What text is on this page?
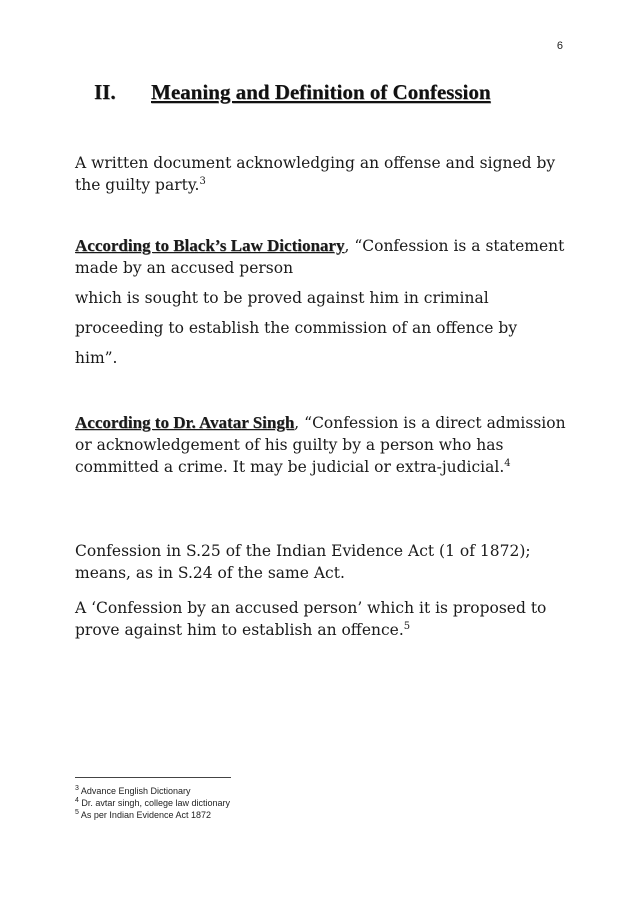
6
II. Meaning and Definition of Confession

A written document acknowledging an offense and signed by the guilty party.$^3$

According to Black’s Law Dictionary, “Confession is a statement made by an accused person

which is sought to be proved against him in criminal

proceeding to establish the commission of an offence by

him”.

According to Dr. Avatar Singh, “Confession is a direct admission or acknowledgement of his guilty by a person who has committed a crime. It may be judicial or extra-judicial.$^4$

Confession in S.25 of the Indian Evidence Act (1 of 1872); means, as in S.24 of the same Act.

A ‘Confession by an accused person’ which it is proposed to prove against him to establish an offence.$^5$

$^3$ Advance English Dictionary
$^4$ Dr. avtar singh, college law dictionary
$^5$ As per Indian Evidence Act 1872
